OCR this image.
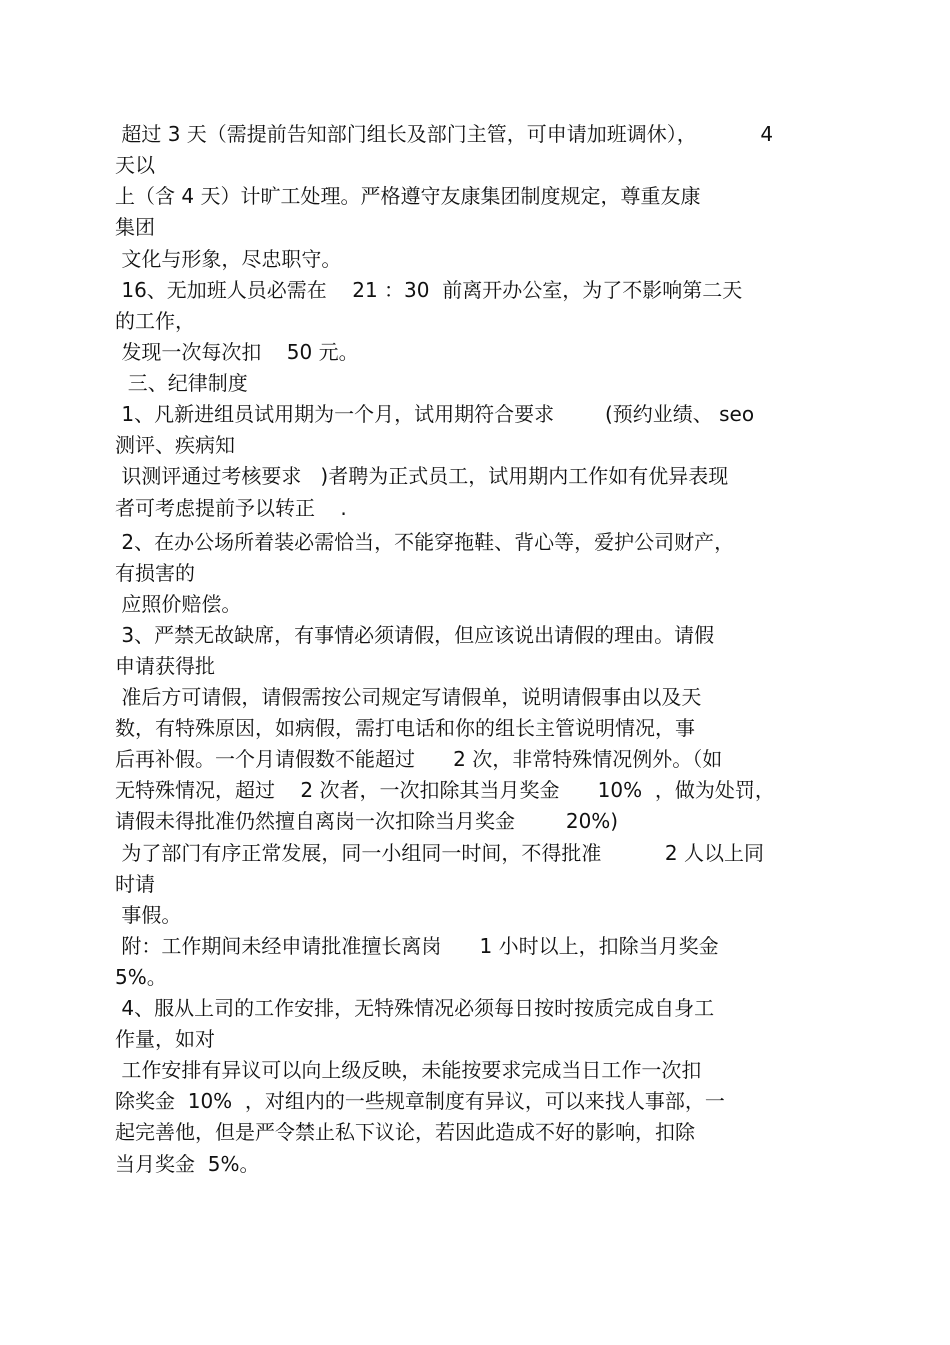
超过 3 天（需提前告知部门组长及部门主管，可申请加班调休），          4

天以

上（含 4 天）计旷工处理。严格遵守友康集团制度规定，尊重友康

集团

文化与形象，尽忠职守。

16、无加班人员必需在    21 ：30  前离开办公室，为了不影响第二天

的工作，

发现一次每次扣    50 元。

三、纪律制度

1、凡新进组员试用期为一个月，试用期符合要求        (预约业绩、 seo

测评、疾病知

识测评通过考核要求   )者聘为正式员工，试用期内工作如有优异表现

者可考虑提前予以转正    .

2、在办公场所着装必需恰当，不能穿拖鞋、背心等，爱护公司财产，

有损害的

应照价赔偿。

3、严禁无故缺席，有事情必须请假，但应该说出请假的理由。请假

申请获得批

准后方可请假，请假需按公司规定写请假单，说明请假事由以及天

数，有特殊原因，如病假，需打电话和你的组长主管说明情况，事

后再补假。一个月请假数不能超过      2 次，非常特殊情况例外。（如

无特殊情况，超过    2 次者，一次扣除其当月奖金      10%  ，做为处罚，

请假未得批准仍然擅自离岗一次扣除当月奖金        20%)

为了部门有序正常发展，同一小组同一时间，不得批准          2 人以上同

时请

事假。

附：工作期间未经申请批准擅长离岗      1 小时以上，扣除当月奖金

5%。

4、服从上司的工作安排，无特殊情况必须每日按时按质完成自身工

作量，如对

工作安排有异议可以向上级反映，未能按要求完成当日工作一次扣

除奖金  10%  ，对组内的一些规章制度有异议，可以来找人事部，一

起完善他，但是严令禁止私下议论，若因此造成不好的影响，扣除

当月奖金  5%。
